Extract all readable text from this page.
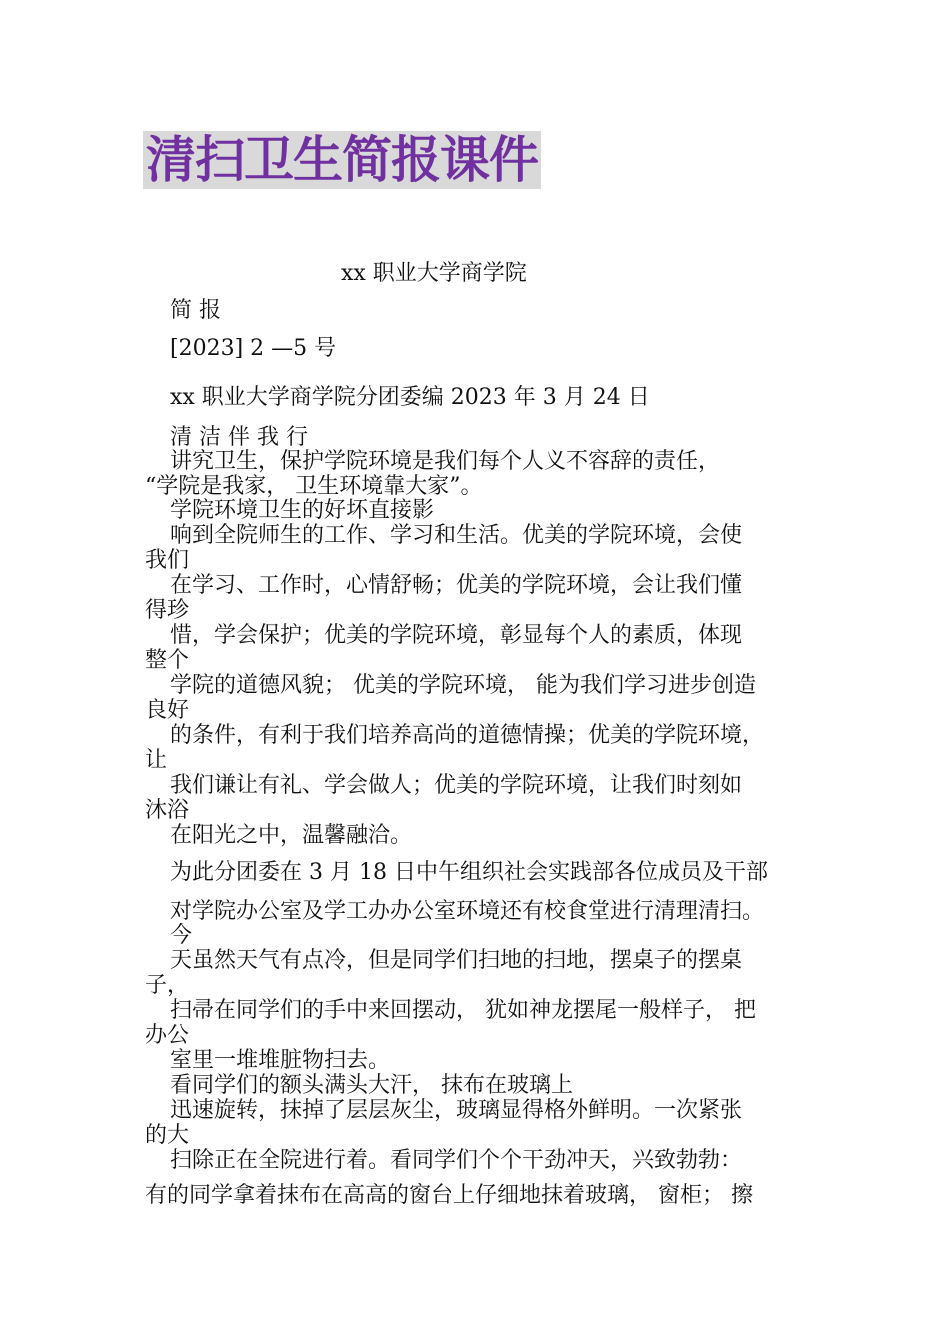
清扫卫生简报课件

xx 职业大学商学院

简 报

[2023] 2 —5 号

xx 职业大学商学院分团委编 2023 年 3 月 24 日

清 洁 伴 我 行

讲究卫生，保护学院环境是我们每个人义不容辞的责任，

“学院是我家， 卫生环境靠大家”。

学院环境卫生的好坏直接影

响到全院师生的工作、学习和生活。优美的学院环境，会使

我们

在学习、工作时，心情舒畅；优美的学院环境，会让我们懂

得珍

惜，学会保护；优美的学院环境，彰显每个人的素质，体现

整个

学院的道德风貌； 优美的学院环境， 能为我们学习进步创造

良好

的条件，有利于我们培养高尚的道德情操；优美的学院环境，

让

我们谦让有礼、学会做人；优美的学院环境，让我们时刻如

沐浴

在阳光之中，温馨融洽。

为此分团委在 3 月 18 日中午组织社会实践部各位成员及干部

对学院办公室及学工办办公室环境还有校食堂进行清理清扫。

今

天虽然天气有点冷，但是同学们扫地的扫地，摆桌子的摆桌

子，

扫帚在同学们的手中来回摆动， 犹如神龙摆尾一般样子， 把

办公

室里一堆堆脏物扫去。

看同学们的额头满头大汗， 抹布在玻璃上

迅速旋转，抹掉了层层灰尘，玻璃显得格外鲜明。一次紧张

的大

扫除正在全院进行着。看同学们个个干劲冲天，兴致勃勃：

有的同学拿着抹布在高高的窗台上仔细地抹着玻璃， 窗柜； 擦
